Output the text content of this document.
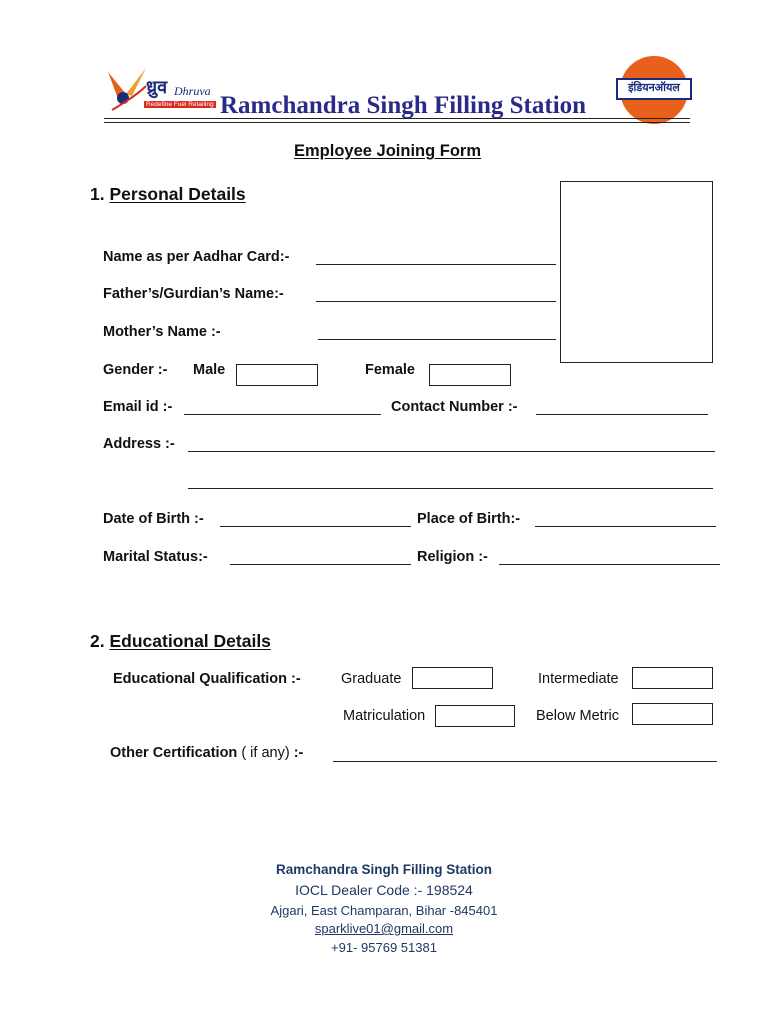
ध्रुव Dhruva
Redefine Fuel Retailing Ramchandra Singh Filling Station
इंडियनऑयल
Employee Joining Form
1. Personal Details
Name as per Aadhar Card:-
Father’s/Gurdian’s Name:-
Mother’s Name :-
Gender :- Male	Female
Email id :-	Contact Number :-
Address :-
Date of Birth :-	Place of Birth:-
Marital Status:-	Religion :-
2. Educational Details
Educational Qualification :-	Graduate	Intermediate
Matriculation	Below Metric
Other Certification ( if any) :-
Ramchandra Singh Filling Station
IOCL Dealer Code :- 198524
Ajgari, East Champaran, Bihar -845401
sparklive01@gmail.com
+91- 95769 51381
